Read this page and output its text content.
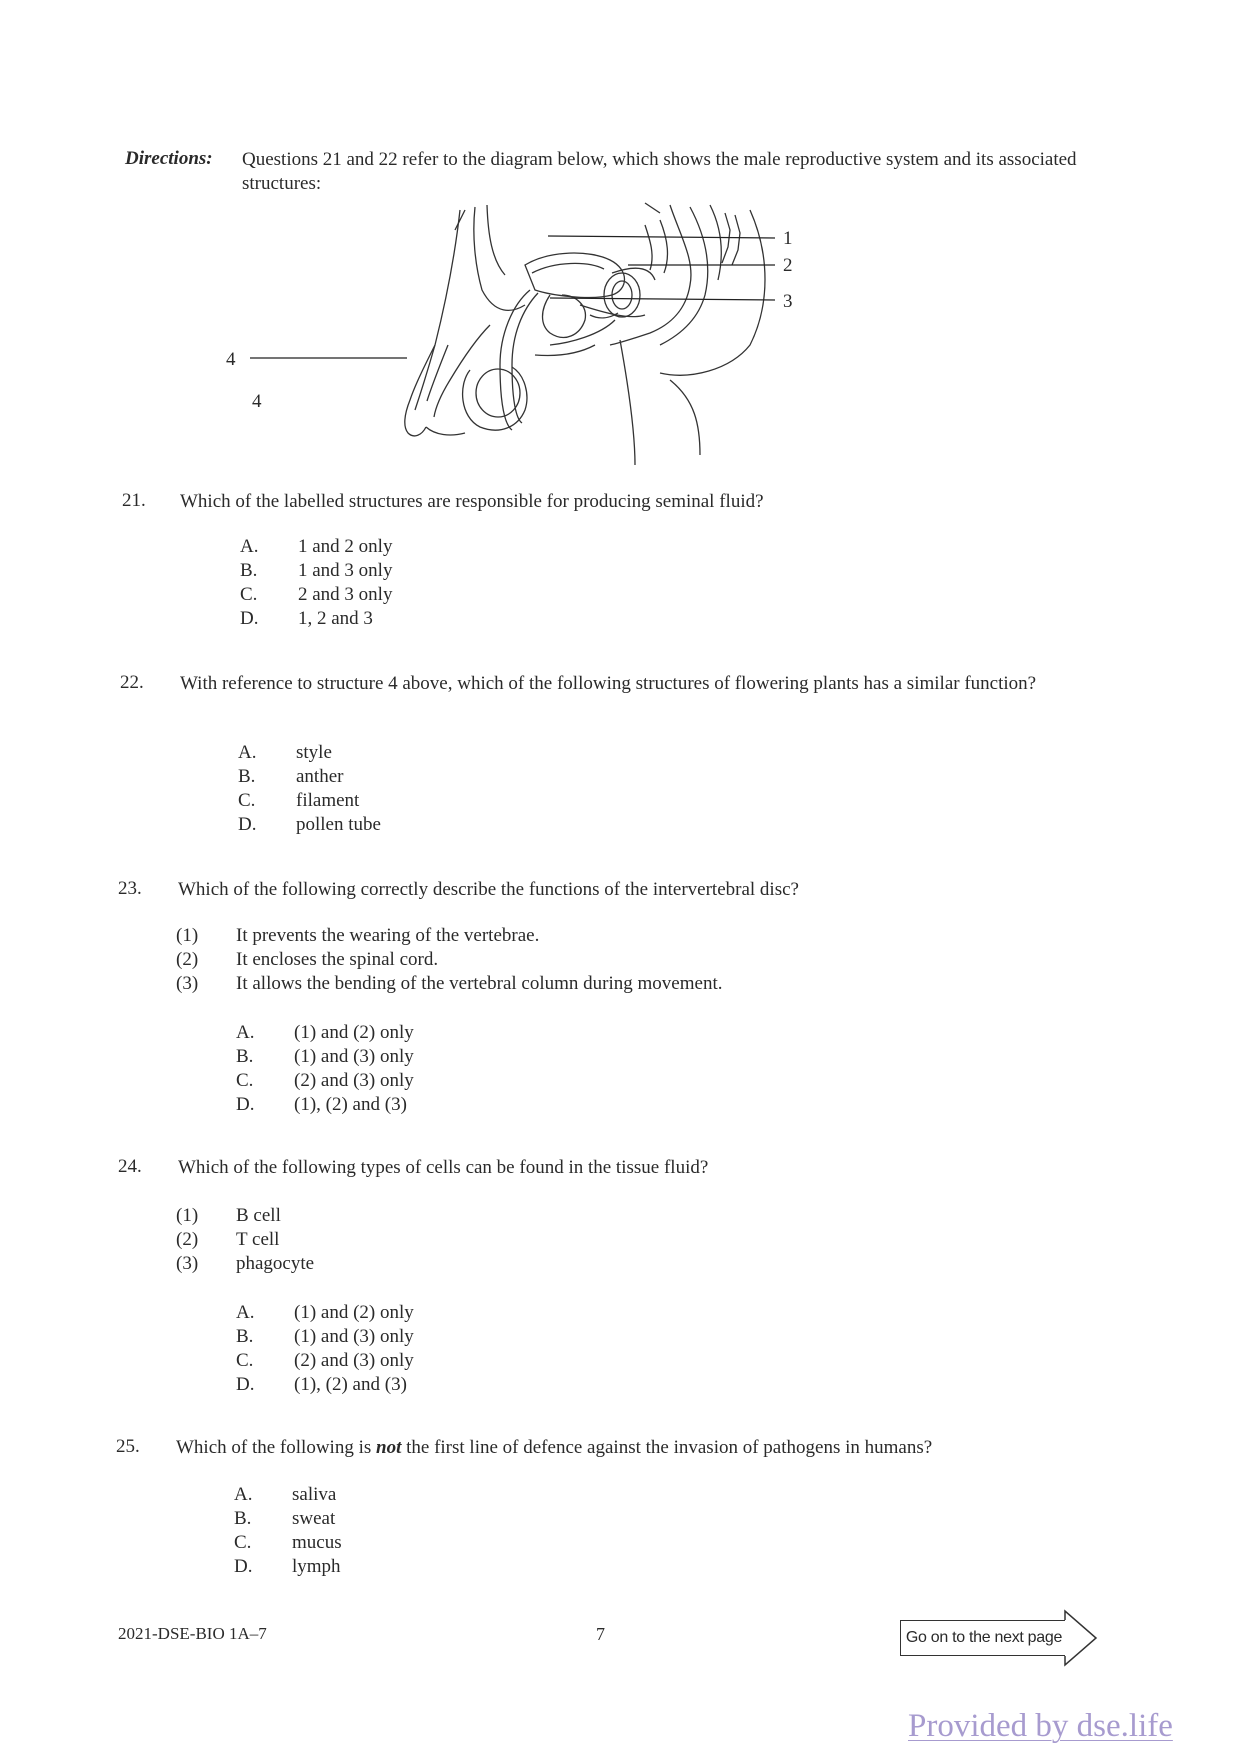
Directions: Questions 21 and 22 refer to the diagram below, which shows the male reproductive system and its associated structures:
1
2
3
4
4
21. Which of the labelled structures are responsible for producing seminal fluid?
A. 1 and 2 only
B. 1 and 3 only
C. 2 and 3 only
D. 1, 2 and 3
22. With reference to structure 4 above, which of the following structures of flowering plants has a similar function?
A. style
B. anther
C. filament
D. pollen tube
23. Which of the following correctly describe the functions of the intervertebral disc?
(1) It prevents the wearing of the vertebrae.
(2) It encloses the spinal cord.
(3) It allows the bending of the vertebral column during movement.
A. (1) and (2) only
B. (1) and (3) only
C. (2) and (3) only
D. (1), (2) and (3)
24. Which of the following types of cells can be found in the tissue fluid?
(1) B cell
(2) T cell
(3) phagocyte
A. (1) and (2) only
B. (1) and (3) only
C. (2) and (3) only
D. (1), (2) and (3)
25. Which of the following is not the first line of defence against the invasion of pathogens in humans?
A. saliva
B. sweat
C. mucus
D. lymph
2021-DSE-BIO 1A–7	7	Go on to the next page
Provided by dse.life
